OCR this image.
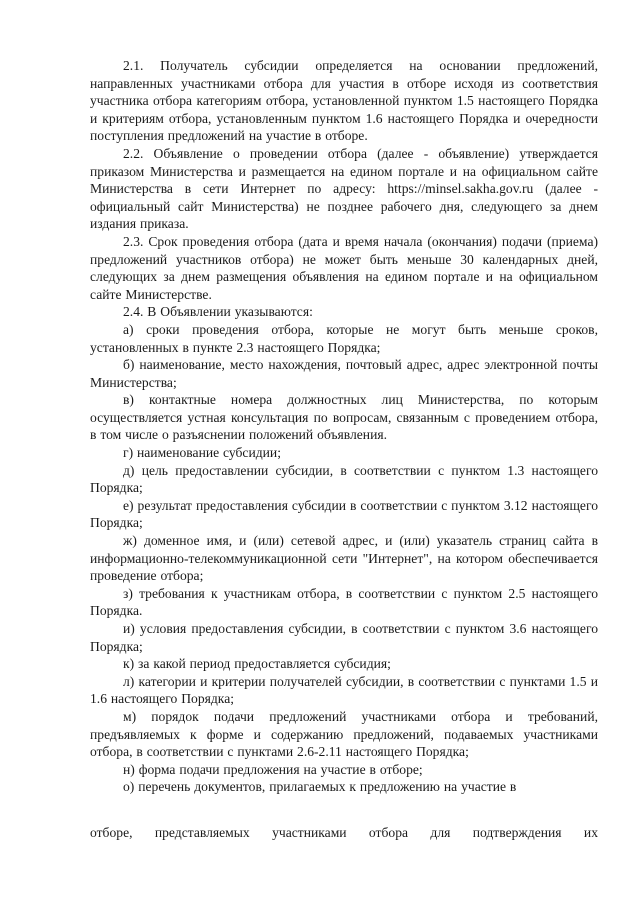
2.1. Получатель субсидии определяется на основании предложений, направленных участниками отбора для участия в отборе исходя из соответствия участника отбора категориям отбора, установленной пунктом 1.5 настоящего Порядка и критериям отбора, установленным пунктом 1.6 настоящего Порядка и очередности поступления предложений на участие в отборе.

2.2. Объявление о проведении отбора (далее - объявление) утверждается приказом Министерства и размещается на едином портале и на официальном сайте Министерства в сети Интернет по адресу: https://minsel.sakha.gov.ru (далее - официальный сайт Министерства) не позднее рабочего дня, следующего за днем издания приказа.

2.3. Срок проведения отбора (дата и время начала (окончания) подачи (приема) предложений участников отбора) не может быть меньше 30 календарных дней, следующих за днем размещения объявления на едином портале и на официальном сайте Министерстве.

2.4. В Объявлении указываются:

а) сроки проведения отбора, которые не могут быть меньше сроков, установленных в пункте 2.3 настоящего Порядка;

б) наименование, место нахождения, почтовый адрес, адрес электронной почты Министерства;

в) контактные номера должностных лиц Министерства, по которым осуществляется устная консультация по вопросам, связанным с проведением отбора, в том числе о разъяснении положений объявления.

г) наименование субсидии;

д) цель предоставлении субсидии, в соответствии с пунктом 1.3 настоящего Порядка;

е) результат предоставления субсидии в соответствии с пунктом 3.12 настоящего Порядка;

ж) доменное имя, и (или) сетевой адрес, и (или) указатель страниц сайта в информационно-телекоммуникационной сети "Интернет", на котором обеспечивается проведение отбора;

з) требования к участникам отбора, в соответствии с пунктом 2.5 настоящего Порядка.

и) условия предоставления субсидии, в соответствии с пунктом 3.6 настоящего Порядка;

к) за какой период предоставляется субсидия;

л) категории и критерии получателей субсидии, в соответствии с пунктами 1.5 и 1.6 настоящего Порядка;

м) порядок подачи предложений участниками отбора и требований, предъявляемых к форме и содержанию предложений, подаваемых участниками отбора, в соответствии с пунктами 2.6-2.11 настоящего Порядка;

н) форма подачи предложения на участие в отборе;

о) перечень документов, прилагаемых к предложению на участие в

отборе, представляемых участниками отбора для подтверждения их
